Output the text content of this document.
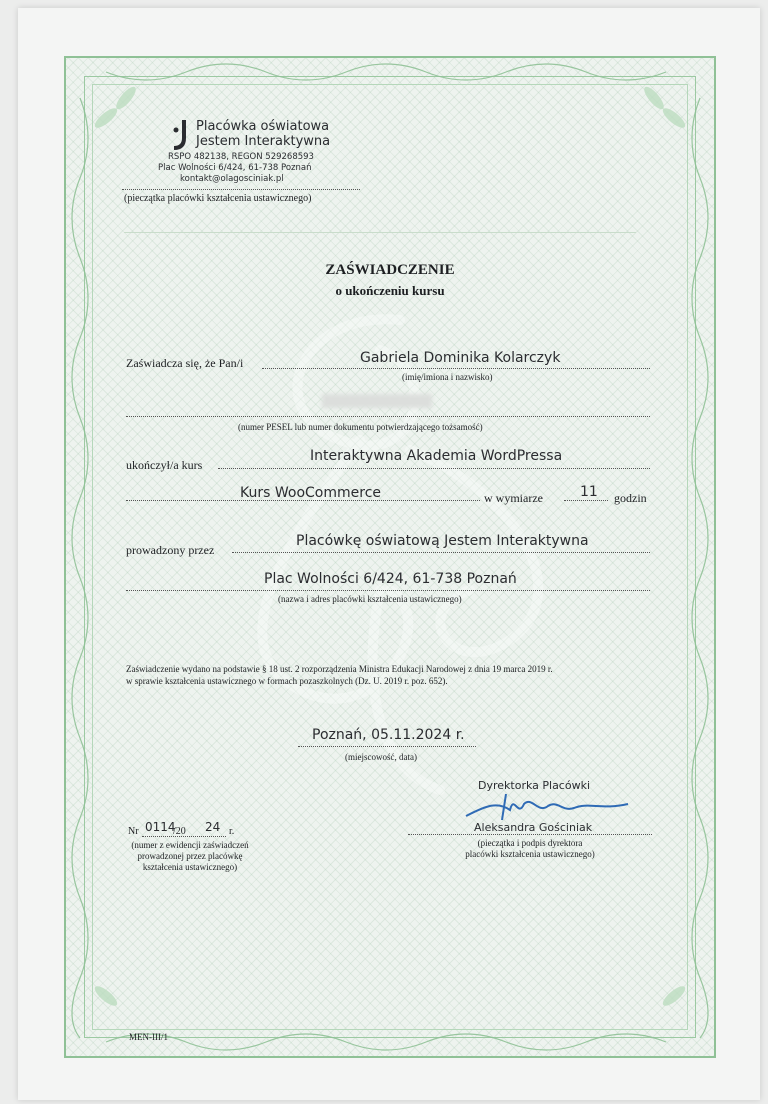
Placówka oświatowa
Jestem Interaktywna
RSPO 482138, REGON 529268593
Plac Wolności 6/424, 61-738 Poznań
kontakt@olagosciniak.pl
(pieczątka placówki kształcenia ustawicznego)
ZAŚWIADCZENIE
o ukończeniu kursu
Zaświadcza się, że Pan/i	Gabriela Dominika Kolarczyk
(imię/imiona i nazwisko)
(numer PESEL lub numer dokumentu potwierdzającego tożsamość)
ukończył/a kurs
Interaktywna Akademia WordPressa
Kurs WooCommerce	w wymiarze	11 godzin
prowadzony przez
Placówkę oświatową Jestem Interaktywna
Plac Wolności 6/424, 61-738 Poznań
(nazwa i adres placówki kształcenia ustawicznego)
Zaświadczenie wydano na podstawie § 18 ust. 2 rozporządzenia Ministra Edukacji Narodowej z dnia 19 marca 2019 r.
w sprawie kształcenia ustawicznego w formach pozaszkolnych (Dz. U. 2019 r. poz. 652).
Poznań, 05.11.2024 r.
(miejscowość, data)
Nr 0114
/20 24 r.
(numer z ewidencji zaświadczeń
prowadzonej przez placówkę
kształcenia ustawicznego)
Dyrektorka Placówki
Aleksandra Gościniak
(pieczątka i podpis dyrektora
placówki kształcenia ustawicznego)
MEN-III/1
